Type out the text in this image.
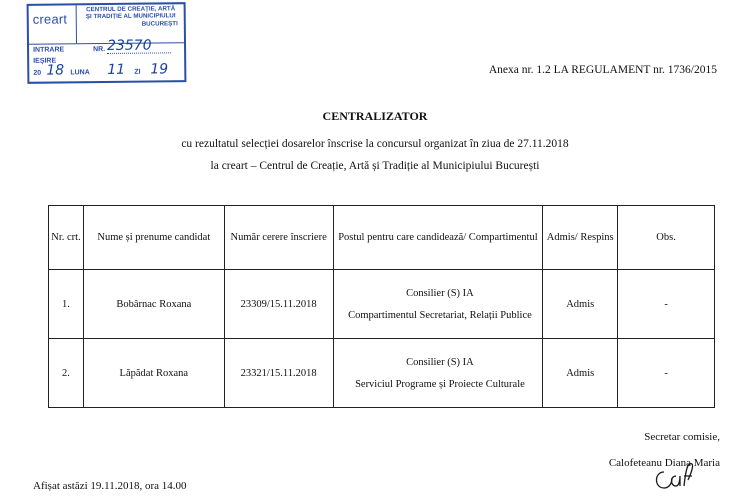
creart
CENTRUL DE CREAȚIE, ARTĂ
ȘI TRADIȚIE AL MUNICIPIULUI
BUCUREȘTI
INTRARE	NR. 23570
IEȘIRE
20 18 LUNA 11 ZI 19	Anexa nr. 1.2 LA REGULAMENT nr. 1736/2015
CENTRALIZATOR
cu rezultatul selecției dosarelor înscrise la concursul organizat în ziua de 27.11.2018
la creart – Centrul de Creație, Artă și Tradiție al Municipiului București
Nr. crt.	Nume și prenume candidat	Număr cerere înscriere	Postul pentru care candidează/ Compartimentul	Admis/ Respins	Obs.
1.	Bobârnac Roxana	23309/15.11.2018	Consilier (S) IA
Compartimentul Secretariat, Relații Publice	Admis	-
2.	Lăpădat Roxana	23321/15.11.2018	Consilier (S) IA
Serviciul Programe și Proiecte Culturale	Admis	-
Secretar comisie,
Calofeteanu Diana Maria
Afișat astăzi 19.11.2018, ora 14.00
